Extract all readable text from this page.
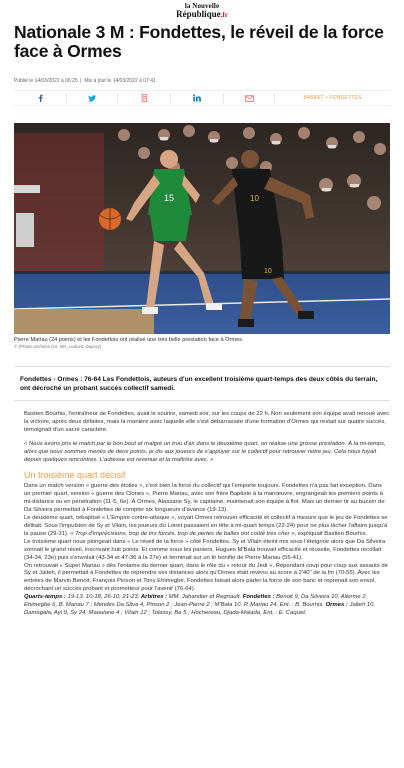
la Nouvelle
République.fr
Nationale 3 M : Fondettes, le réveil de la force face à Ormes
Publié le 14/03/2022 à 06:25 | Mis à jour le 14/03/2022 à 07:41
BASKET • FONDETTES
15	10
10
Pierre Mariau (24 points) et les Fondettois ont réalisé une très belle prestation face à Ormes.
© (Photo archives cor. NR, Ludovic Dupraz)
Fondettes - Ormes : 76-64 Les Fondettois, auteurs d'un excellent troisième quart-temps des deux côtés du terrain, ont décroché un probant succès collectif samedi.

Bastien Bourhis, l'entraîneur de Fondettes, avait le sourire, samedi soir, sur les coups de 22 h. Non seulement son équipe avait renoué avec la victoire, après deux défaites, mais la manière avec laquelle elle s'est débarrassée d'une formation d'Ormes qui restait sur quatre succès, témoignait d'un sacré caractère.

« Nous avons pris le match par le bon bout et malgré un trou d'air dans le deuxième quart, on réalise une grosse prestation. À la mi-temps, alors que nous sommes menés de deux points, je dis aux joueurs de s'appuyer sur le collectif pour retrouver notre jeu. Cela nous fuyait depuis quelques rencontres. L'adresse est revenue et la maîtrise avec. »

Un troisième quart décisif

Dans un match version « guerre des étoiles », c'est bien la force du collectif qui l'emporte toujours. Fondettes n'a pas fait exception. Dans un premier quart, version « guerre des Clones », Pierre Mariau, avec son frère Baptiste à la manœuvre, engrangeait les premiers points à mi-distance ou en pénétration (11-5, 6e). À Ormes, Alassane Sy, le capitaine, maintenait son équipe à flot. Mais un dernier tir au buzzer de Da Silveira permettait à Fondettes de compter six longueurs d'avance (19-13).

Le deuxième quart, rebaptisé « L'Empire contre-attaque », voyait Ormes retrouver efficacité et collectif à mesure que le jeu de Fondettes se délitait. Sous l'impulsion de Sy et Vilain, les joueurs du Loiret passaient en tête à mi-quart temps (22-24) pour ne plus lâcher l'affaire jusqu'à la pause (29-31). « Trop d'imprécisions, trop de tirs forcés, trop de pertes de balles ont coûté très cher », expliquait Bastien Bourhis.

Le troisième quart nous plongeait dans « Le réveil de la force » côté Fondettes. Sy et Vilain éteint mis sous l'éteignoir alors que Da Silveira sonnait le grand réveil, inscrivant huit points. Et comme sous les paniers, Hugues M'Bala trouvait efficacité et réussite, Fondettes recollait (34-34, 23e) puis s'envolait (43-34 et 47-36 à la 27e) et terminait sur un tir bonifié de Pierre Mariau (55-41).

On retrouvait « Super Mariau » dès l'entame du dernier quart, dans le rôle du « retour du Jedi ». Répondant coup pour coup aux assauts de Sy et Jaiteh, il permettait à Fondettes de reprendre ses distances alors qu'Ormes était revenu au score à 2'40'' de la fin (70-55). Avec les entrées de Marvin Benoit, François Pinson et Tony Ehimegbe, Fondettes faisait alors parler la force de son banc et reprenait son envol, décrochant un succès probant et prometteur pour l'avenir (76-64).

Quarts-temps : 19-13, 10-18, 26-10, 21-23. Arbitres : MM. Jahandier et Regnault. Fondettes : Benoit 9, Da Silveira 10, Allerme 2, Ehimegbe 6, B. Mariau 7 ; Mendes Da Silva 4, Pinson 2 ; Jean-Pierre 2 ; M'Bala 10, P. Mariau 24. Ent. : B. Bourhis. Ormes : Jaiteh 10, Damagala, Ayi 9, Sy 24, Maoulane 4 ; Vilain 12 ; Tolassy, Ba 5 ; Hochereau, Djada-Malada. Ent. : E. Caquet.
